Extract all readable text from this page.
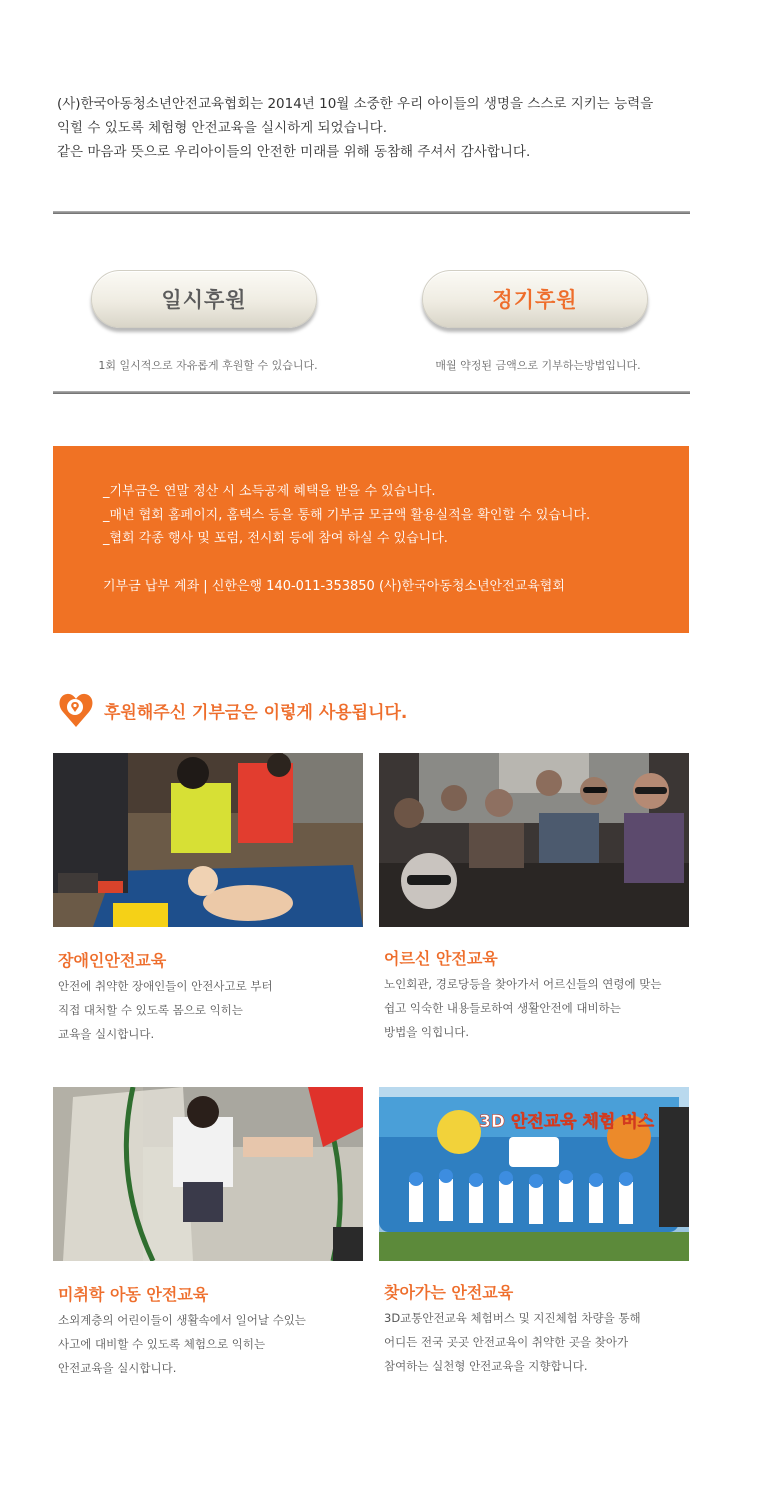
(사)한국아동청소년안전교육협회는 2014년 10월 소중한 우리 아이들의 생명을 스스로 지키는 능력을

익힐 수 있도록 체험형 안전교육을 실시하게 되었습니다.

같은 마음과 뜻으로 우리아이들의 안전한 미래를 위해 동참해 주셔서 감사합니다.

일시후원	정기후원
1회 일시적으로 자유롭게 후원할 수 있습니다.	매월 약정된 금액으로 기부하는방법입니다.

_기부금은 연말 정산 시 소득공제 혜택을 받을 수 있습니다.

_매년 협회 홈페이지, 홈택스 등을 통해 기부금 모금액 활용실적을 확인할 수 있습니다.

_협회 각종 행사 및 포럼, 전시회 등에 참여 하실 수 있습니다.

기부금 납부 계좌 | 신한은행 140-011-353850 (사)한국아동청소년안전교육협회

후원해주신 기부금은 이렇게 사용됩니다.
장애인안전교육

안전에 취약한 장애인들이 안전사고로 부터

직접 대처할 수 있도록 몸으로 익히는

교육을 실시합니다.

어르신 안전교육

노인회관, 경로당등을 찾아가서 어르신들의 연령에 맞는

쉽고 익숙한 내용들로하여 생활안전에 대비하는

방법을 익힙니다.

미취학 아동 안전교육

소외계층의 어린이들이 생활속에서 일어날 수있는

사고에 대비할 수 있도록 체험으로 익히는

안전교육을 실시합니다.

3D 안전교육 체험 버스
찾아가는 안전교육

3D교통안전교육 체험버스 및 지진체험 차량을 통해

어디든 전국 곳곳 안전교육이 취약한 곳을 찾아가

참여하는 실천형 안전교육을 지향합니다.
